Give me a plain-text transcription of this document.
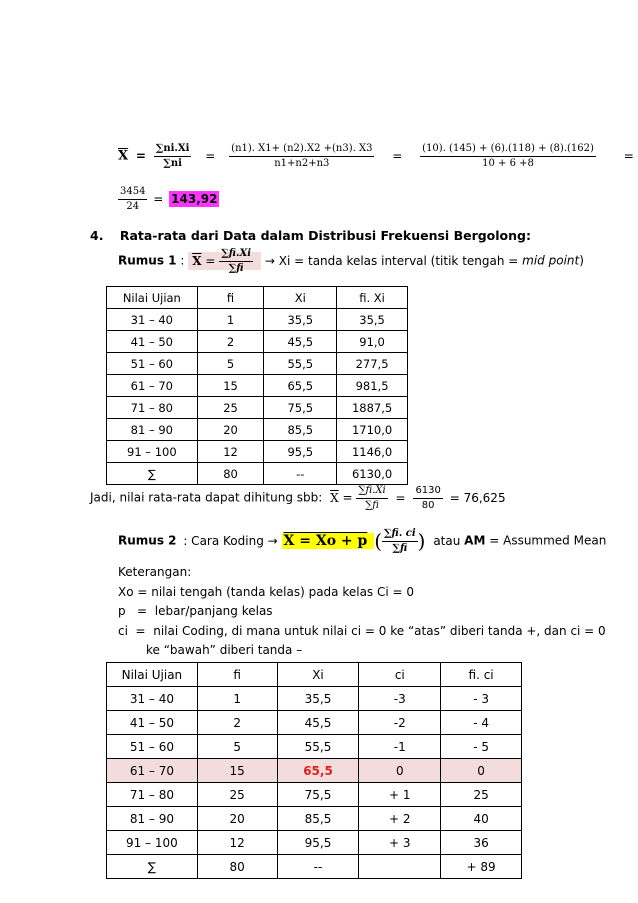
$\overline{X} = \frac{\sum ni.Xi}{\sum ni} = \frac{(n1). X1+ (n2).X2 +(n3). X3}{n1+n2+n3} = \frac{(10). (145) + (6).(118) + (8).(162)}{10 + 6 +8}$ =
$\frac{3454}{24} = 143,92$
4. Rata-rata dari Data dalam Distribusi Frekuensi Bergolong:
Rumus 1 : $\overline{X} = \frac{\sum fi.Xi}{\sum fi} \to Xi$ = tanda kelas interval (titik tengah = mid point)
Nilai Ujian	fi	Xi	fi. Xi
31 – 40	1	35,5	35,5
41 – 50	2	45,5	91,0
51 – 60	5	55,5	277,5
61 – 70	15	65,5	981,5
71 – 80	25	75,5	1887,5
81 – 90	20	85,5	1710,0
91 – 100	12	95,5	1146,0
∑	80	--	6130,0
Jadi, nilai rata-rata dapat dihitung sbb: $\overline{X} = \frac{\sum fi.Xi}{\sum fi} = \frac{6130}{80} = 76,625$
Rumus 2 : Cara Koding → X = Xo + p ( $\frac{\sum fi. ci}{\sum fi}$ ) atau AM = Assummed Mean
Keterangan:
Xo = nilai tengah (tanda kelas) pada kelas Ci = 0
p   =  lebar/panjang kelas
ci  =  nilai Coding, di mana untuk nilai ci = 0 ke “atas” diberi tanda +, dan ci = 0
ke “bawah” diberi tanda –
Nilai Ujian	fi	Xi	ci	fi. ci
31 – 40	1	35,5	-3	- 3
41 – 50	2	45,5	-2	- 4
51 – 60	5	55,5	-1	- 5
61 – 70	15	65,5	0	0
71 – 80	25	75,5	+ 1	25
81 – 90	20	85,5	+ 2	40
91 – 100	12	95,5	+ 3	36
∑	80	--		+ 89
